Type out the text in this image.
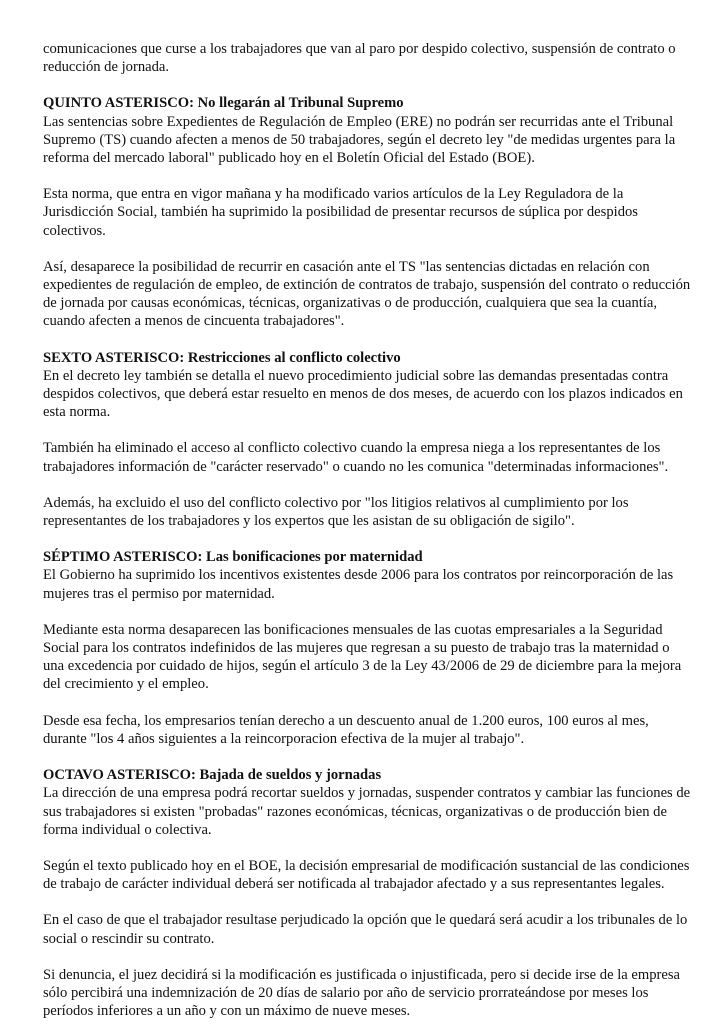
comunicaciones que curse a los trabajadores que van al paro por despido colectivo, suspensión de contrato o reducción de jornada.

QUINTO ASTERISCO: No llegarán al Tribunal Supremo
Las sentencias sobre Expedientes de Regulación de Empleo (ERE) no podrán ser recurridas ante el Tribunal Supremo (TS) cuando afecten a menos de 50 trabajadores, según el decreto ley "de medidas urgentes para la reforma del mercado laboral" publicado hoy en el Boletín Oficial del Estado (BOE).

Esta norma, que entra en vigor mañana y ha modificado varios artículos de la Ley Reguladora de la Jurisdicción Social, también ha suprimido la posibilidad de presentar recursos de súplica por despidos colectivos.

Así, desaparece la posibilidad de recurrir en casación ante el TS "las sentencias dictadas en relación con expedientes de regulación de empleo, de extinción de contratos de trabajo, suspensión del contrato o reducción de jornada por causas económicas, técnicas, organizativas o de producción, cualquiera que sea la cuantía, cuando afecten a menos de cincuenta trabajadores".

SEXTO ASTERISCO: Restricciones al conflicto colectivo
En el decreto ley también se detalla el nuevo procedimiento judicial sobre las demandas presentadas contra despidos colectivos, que deberá estar resuelto en menos de dos meses, de acuerdo con los plazos indicados en esta norma.

También ha eliminado el acceso al conflicto colectivo cuando la empresa niega a los representantes de los trabajadores información de "carácter reservado" o cuando no les comunica "determinadas informaciones".

Además, ha excluido el uso del conflicto colectivo por "los litigios relativos al cumplimiento por los representantes de los trabajadores y los expertos que les asistan de su obligación de sigilo".

SÉPTIMO ASTERISCO: Las bonificaciones por maternidad
El Gobierno ha suprimido los incentivos existentes desde 2006 para los contratos por reincorporación de las mujeres tras el permiso por maternidad.

Mediante esta norma desaparecen las bonificaciones mensuales de las cuotas empresariales a la Seguridad Social para los contratos indefinidos de las mujeres que regresan a su puesto de trabajo tras la maternidad o una excedencia por cuidado de hijos, según el artículo 3 de la Ley 43/2006 de 29 de diciembre para la mejora del crecimiento y el empleo.

Desde esa fecha, los empresarios tenían derecho a un descuento anual de 1.200 euros, 100 euros al mes, durante "los 4 años siguientes a la reincorporacion efectiva de la mujer al trabajo".

OCTAVO ASTERISCO: Bajada de sueldos y jornadas
La dirección de una empresa podrá recortar sueldos y jornadas, suspender contratos y cambiar las funciones de sus trabajadores si existen "probadas" razones económicas, técnicas, organizativas o de producción bien de forma individual o colectiva.

Según el texto publicado hoy en el BOE, la decisión empresarial de modificación sustancial de las condiciones de trabajo de carácter individual deberá ser notificada al trabajador afectado y a sus representantes legales.

En el caso de que el trabajador resultase perjudicado la opción que le quedará será acudir a los tribunales de lo social o rescindir su contrato.

Si denuncia, el juez decidirá si la modificación es justificada o injustificada, pero si decide irse de la empresa sólo percibirá una indemnización de 20 días de salario por año de servicio prorrateándose por meses los períodos inferiores a un año y con un máximo de nueve meses.
